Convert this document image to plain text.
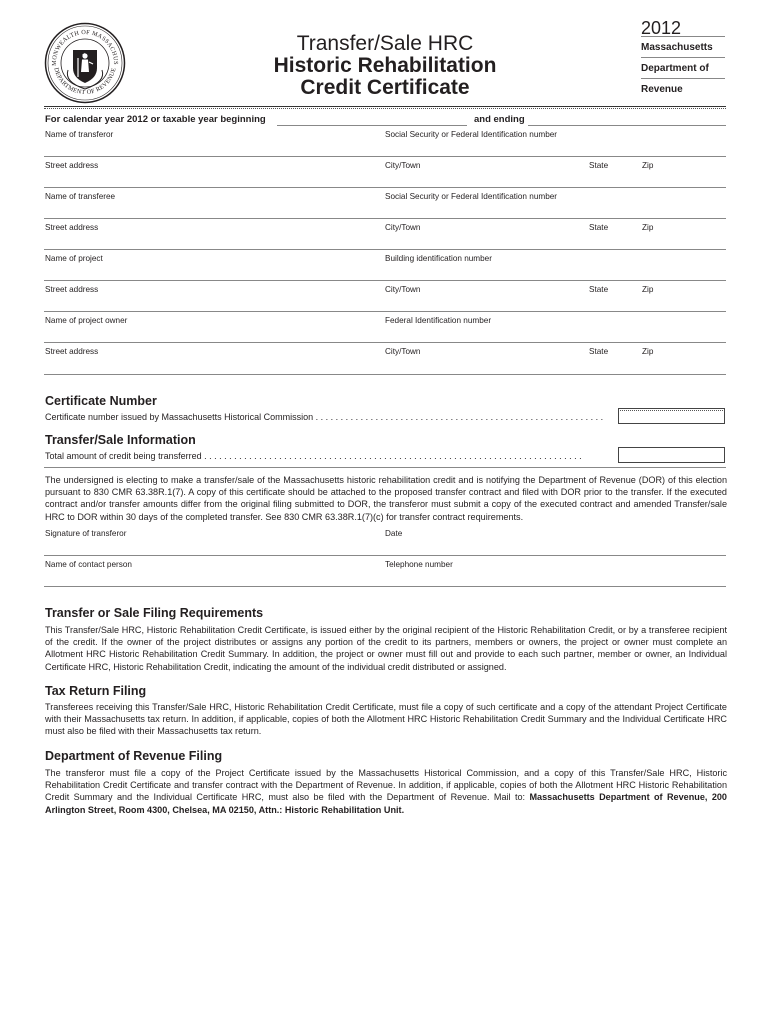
MONWEALTH OF MASSACHUS
DEPARTMENT OF REVENUE
Transfer/Sale HRC
Historic Rehabilitation
Credit Certificate
2012
Massachusetts
Department of
Revenue
For calendar year 2012 or taxable year beginning	and ending
Name of transferor	Social Security or Federal Identification number
Street address	City/Town	State	Zip
Name of transferee	Social Security or Federal Identification number
Street address	City/Town	State	Zip
Name of project	Building identification number
Street address	City/Town	State	Zip
Name of project owner	Federal Identification number
Street address	City/Town	State	Zip
Certificate Number
Certificate number issued by Massachusetts Historical Commission . . . . . . . . . . . . . . . . . . . . . . . . . . . . . . . . . . . . . . . . . . . . . . . . . . . . . . . . . .
Transfer/Sale Information
Total amount of credit being transferred . . . . . . . . . . . . . . . . . . . . . . . . . . . . . . . . . . . . . . . . . . . . . . . . . . . . . . . . . . . . . . . . . . . . . . . . . . . .
The undersigned is electing to make a transfer/sale of the Massachusetts historic rehabilitation credit and is notifying the Department of Revenue (DOR) of this election pursuant to 830 CMR 63.38R.1(7). A copy of this certificate should be attached to the proposed transfer contract and filed with DOR prior to the transfer. If the executed contract and/or transfer amounts differ from the original filing submitted to DOR, the transferor must submit a copy of the executed contract and amended Transfer/sale HRC to DOR within 30 days of the completed transfer. See 830 CMR 63.38R.1(7)(c) for transfer contract requirements.
Signature of transferor	Date
Name of contact person	Telephone number
Transfer or Sale Filing Requirements
This Transfer/Sale HRC, Historic Rehabilitation Credit Certificate, is issued either by the original recipient of the Historic Rehabilitation Credit, or by a transferee recipient of the credit. If the owner of the project distributes or assigns any portion of the credit to its partners, members or owners, the project or owner must complete an Allotment HRC Historic Rehabilitation Credit Summary. In addition, the project or owner must fill out and provide to each such partner, member or owner, an Individual Certificate HRC, Historic Rehabilitation Credit, indicating the amount of the individual credit distributed or assigned.
Tax Return Filing
Transferees receiving this Transfer/Sale HRC, Historic Rehabilitation Credit Certificate, must file a copy of such certificate and a copy of the attendant Project Certificate with their Massachusetts tax return. In addition, if applicable, copies of both the Allotment HRC Historic Rehabilitation Credit Summary and the Individual Certificate HRC must also be filed with their Massachusetts tax return.
Department of Revenue Filing
The transferor must file a copy of the Project Certificate issued by the Massachusetts Historical Commission, and a copy of this Transfer/Sale HRC, Historic Rehabilitation Credit Certificate and transfer contract with the Department of Revenue. In addition, if applicable, copies of both the Allotment HRC Historic Rehabilitation Credit Summary and the Individual Certificate HRC, must also be filed with the Department of Revenue. Mail to: Massachusetts Department of Revenue, 200 Arlington Street, Room 4300, Chelsea, MA 02150, Attn.: Historic Rehabilitation Unit.
